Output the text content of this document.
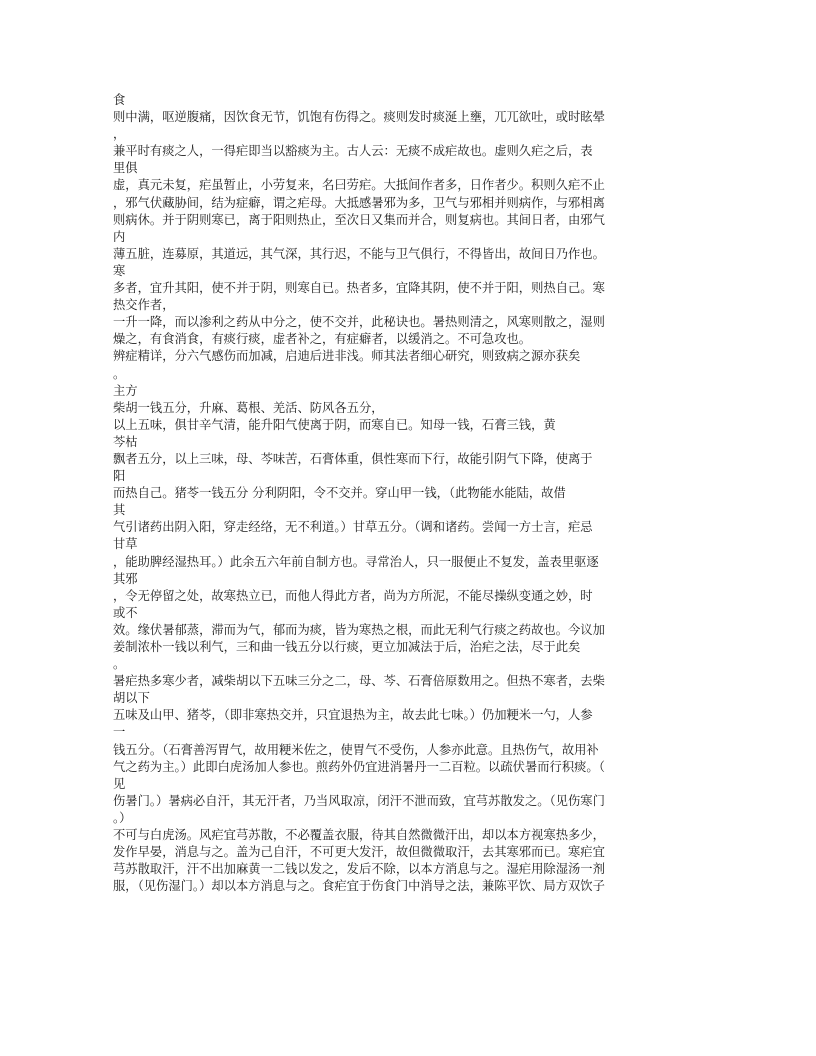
食
则中满，呕逆腹痛，因饮食无节，饥饱有伤得之。痰则发时痰涎上壅，兀兀欲吐，或时眩晕
，
兼平时有痰之人，一得疟即当以豁痰为主。古人云：无痰不成疟故也。虚则久疟之后，表
里俱
虚，真元未复，疟虽暂止，小劳复来，名曰劳疟。大抵间作者多，日作者少。积则久疟不止
，邪气伏藏胁间，结为症癖，谓之疟母。大抵感暑邪为多，卫气与邪相并则病作，与邪相离
则病休。并于阴则寒已，离于阳则热止，至次日又集而并合，则复病也。其间日者，由邪气
内
薄五脏，连募原，其道远，其气深，其行迟，不能与卫气俱行，不得皆出，故间日乃作也。
寒
多者，宜升其阳，使不并于阴，则寒自已。热者多，宜降其阴，使不并于阳，则热自己。寒
热交作者，
一升一降，而以渗利之药从中分之，使不交并，此秘诀也。暑热则清之，风寒则散之，湿则
燥之，有食消食，有痰行痰，虚者补之，有症癖者，以缓消之。不可急攻也。
辨症精详，分六气感伤而加减，启迪后进非浅。师其法者细心研究，则致病之源亦获矣
。
主方
柴胡一钱五分，升麻、葛根、羌活、防风各五分，
以上五味，俱甘辛气清，能升阳气使离于阴，而寒自已。知母一钱，石膏三钱，黄
芩枯
飘者五分，以上三味，母、芩味苦，石膏体重，俱性寒而下行，故能引阴气下降，使离于
阳
而热自己。猪苓一钱五分 分利阴阳，令不交并。穿山甲一钱，（此物能水能陆，故借
其
气引诸药出阴入阳，穿走经络，无不利道。）甘草五分。（调和诸药。尝闻一方士言，疟忌
甘草
，能助脾经湿热耳。）此余五六年前自制方也。寻常治人，只一服便止不复发，盖表里驱逐
其邪
，令无停留之处，故寒热立已，而他人得此方者，尚为方所泥，不能尽操纵变通之妙，时
或不
效。缘伏暑郁蒸，滞而为气，郁而为痰，皆为寒热之根，而此无利气行痰之药故也。今议加
姜制浓朴一钱以利气，三和曲一钱五分以行痰，更立加减法于后，治疟之法，尽于此矣
。
暑疟热多寒少者，减柴胡以下五味三分之二，母、芩、石膏倍原数用之。但热不寒者，去柴
胡以下
五味及山甲、猪苓，（即非寒热交并，只宜退热为主，故去此七味。）仍加粳米一勺，人参
一
钱五分。（石膏善泻胃气，故用粳米佐之，使胃气不受伤，人参亦此意。且热伤气，故用补
气之药为主。）此即白虎汤加人参也。煎药外仍宜进消暑丹一二百粒。以疏伏暑而行积痰。（
见
伤暑门。）暑病必自汗，其无汗者，乃当风取凉，闭汗不泄而致，宜芎苏散发之。（见伤寒门
。）
不可与白虎汤。风疟宜芎苏散，不必覆盖衣服，待其自然微微汗出，却以本方视寒热多少，
发作早晏，消息与之。盖为己自汗，不可更大发汗，故但微微取汗，去其寒邪而已。寒疟宜
芎苏散取汗，汗不出加麻黄一二钱以发之，发后不除，以本方消息与之。湿疟用除湿汤一剂
服，（见伤湿门。）却以本方消息与之。食疟宜于伤食门中消导之法，兼陈平饮、局方双饮子
